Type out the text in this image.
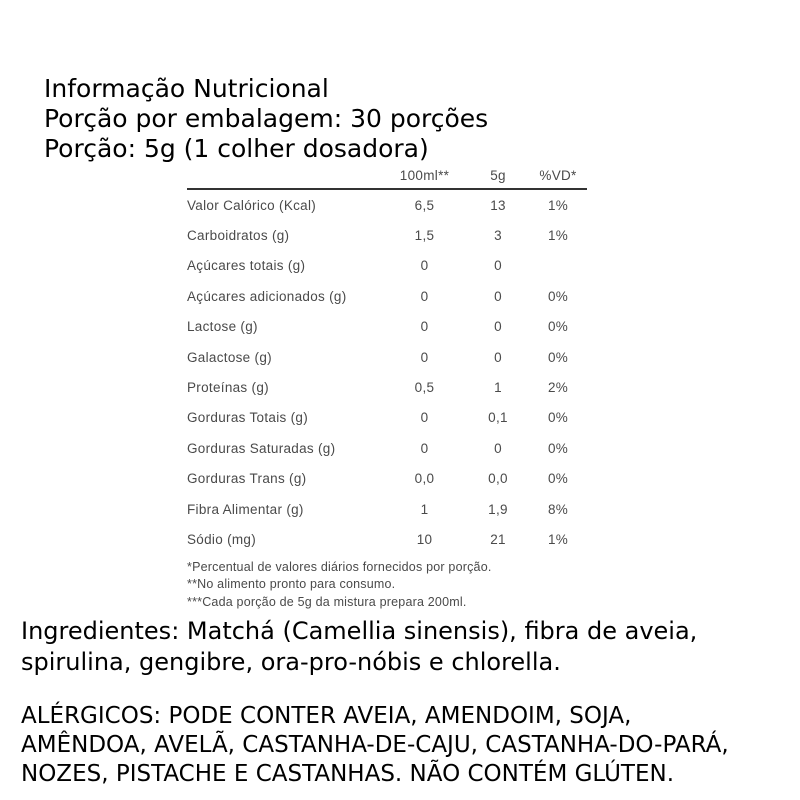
Informação Nutricional
Porção por embalagem: 30 porções
Porção: 5g (1 colher dosadora)
100ml**	5g	%VD*
Valor Calórico (Kcal)	6,5	13	1%
Carboidratos (g)	1,5	3	1%
Açúcares totais (g)	0	0
Açúcares adicionados (g)	0	0	0%
Lactose (g)	0	0	0%
Galactose (g)	0	0	0%
Proteínas (g)	0,5	1	2%
Gorduras Totais (g)	0	0,1	0%
Gorduras Saturadas (g)	0	0	0%
Gorduras Trans (g)	0,0	0,0	0%
Fibra Alimentar (g)	1	1,9	8%
Sódio (mg)	10	21	1%
*Percentual de valores diários fornecidos por porção.
**No alimento pronto para consumo.
***Cada porção de 5g da mistura prepara 200ml.
Ingredientes: Matchá (Camellia sinensis), fibra de aveia,
spirulina, gengibre, ora-pro-nóbis e chlorella.
ALÉRGICOS: PODE CONTER AVEIA, AMENDOIM, SOJA,
AMÊNDOA, AVELÃ, CASTANHA-DE-CAJU, CASTANHA-DO-PARÁ,
NOZES, PISTACHE E CASTANHAS. NÃO CONTÉM GLÚTEN.
